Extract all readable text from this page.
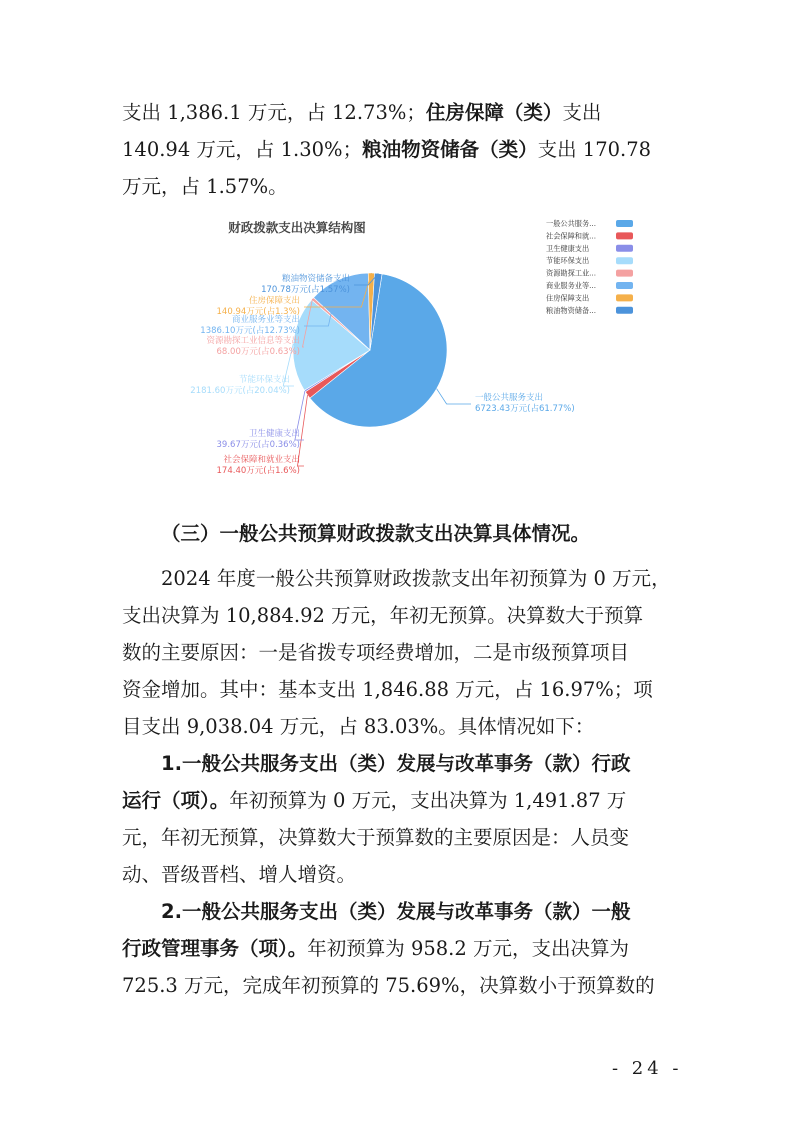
支出 1,386.1 万元，占 12.73%；住房保障（类）支出
140.94 万元，占 1.30%；粮油物资储备（类）支出 170.78
万元，占 1.57%。
财政拨款支出决算结构图
一般公共服务支出
6723.43万元(占61.77%)
社会保障和就业支出
174.40万元(占1.6%)
卫生健康支出
39.67万元(占0.36%)
节能环保支出
2181.60万元(占20.04%)
资源勘探工业信息等支出
68.00万元(占0.63%)
商业服务业等支出
1386.10万元(占12.73%)
住房保障支出
140.94万元(占1.3%)
粮油物资储备支出
170.78万元(占1.57%)
一般公共服务...
社会保障和就...
卫生健康支出
节能环保支出
资源勘探工业...
商业服务业等...
住房保障支出
粮油物资储备...
（三）一般公共预算财政拨款支出决算具体情况。
2024 年度一般公共预算财政拨款支出年初预算为 0 万元，
支出决算为 10,884.92 万元，年初无预算。决算数大于预算
数的主要原因：一是省拨专项经费增加，二是市级预算项目
资金增加。其中：基本支出 1,846.88 万元，占 16.97%；项
目支出 9,038.04 万元，占 83.03%。具体情况如下：
1.一般公共服务支出（类）发展与改革事务（款）行政
运行（项）。年初预算为 0 万元，支出决算为 1,491.87 万
元，年初无预算，决算数大于预算数的主要原因是：人员变
动、晋级晋档、增人增资。
2.一般公共服务支出（类）发展与改革事务（款）一般
行政管理事务（项）。年初预算为 958.2 万元，支出决算为
725.3 万元，完成年初预算的 75.69%，决算数小于预算数的
- 24 -
